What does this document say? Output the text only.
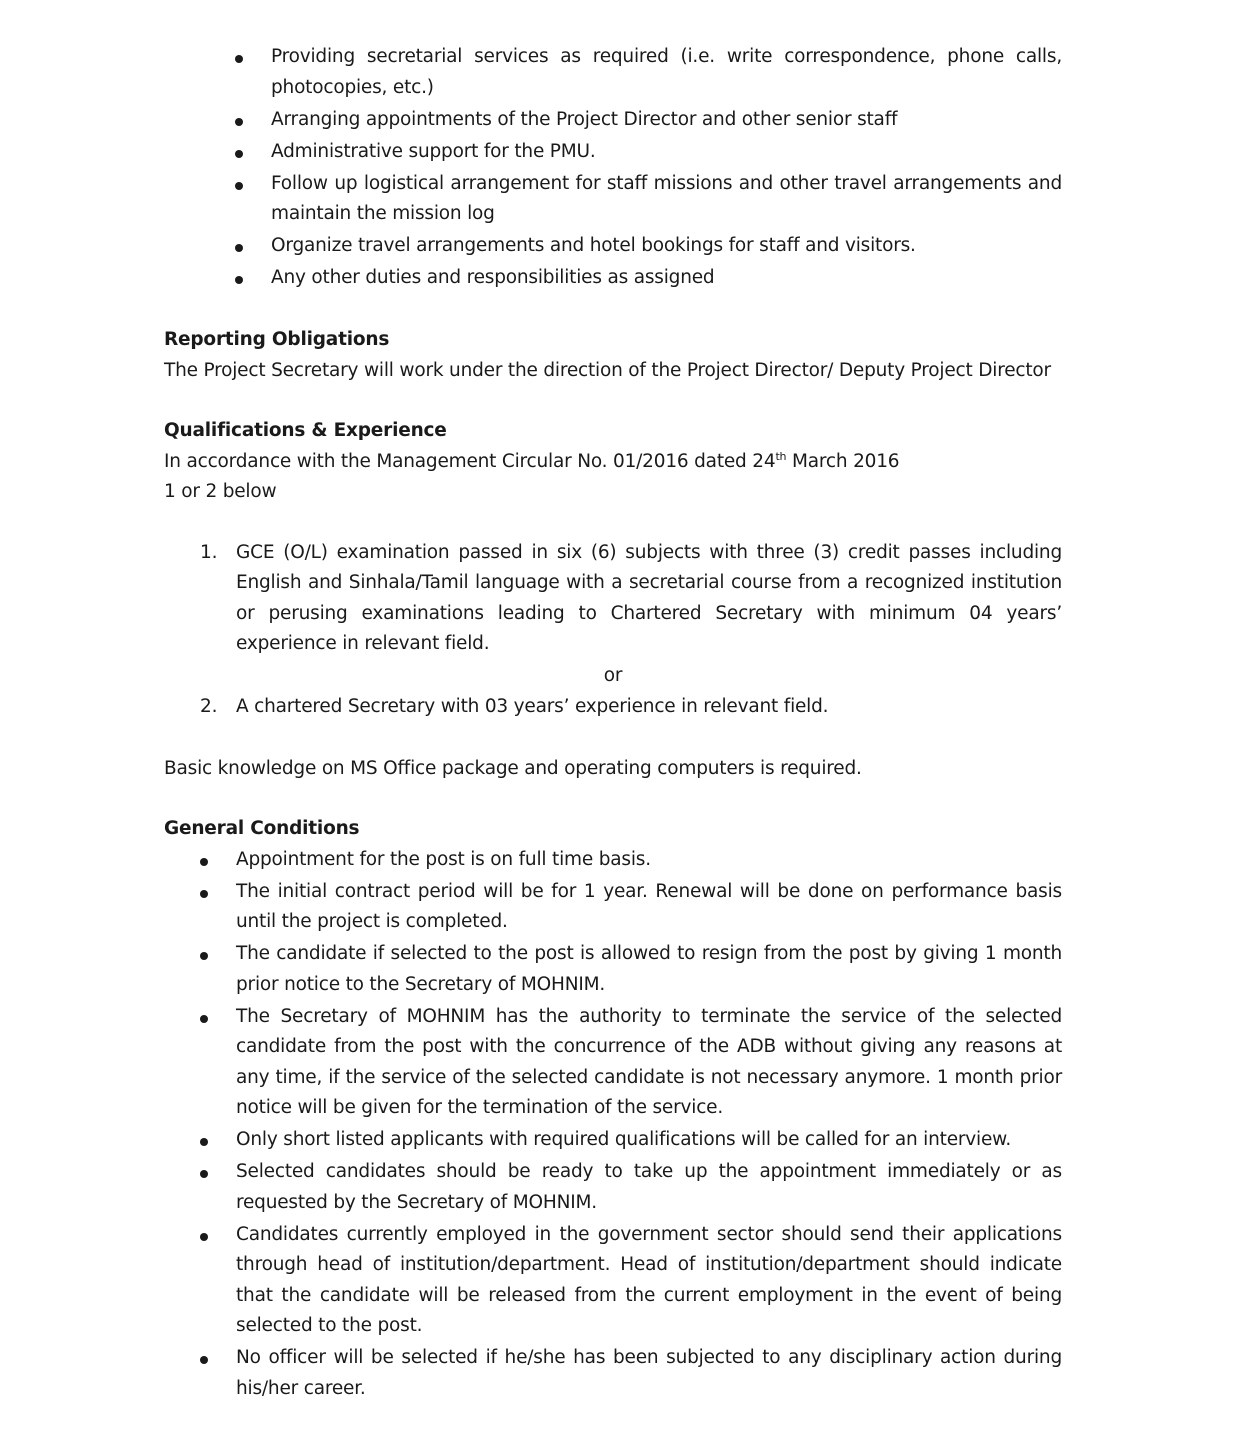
Providing secretarial services as required (i.e. write correspondence, phone calls, photocopies, etc.)
Arranging appointments of the Project Director and other senior staff
Administrative support for the PMU.
Follow up logistical arrangement for staff missions and other travel arrangements and maintain the mission log
Organize travel arrangements and hotel bookings for staff and visitors.
Any other duties and responsibilities as assigned

Reporting Obligations

The Project Secretary will work under the direction of the Project Director/ Deputy Project Director

Qualifications & Experience

In accordance with the Management Circular No. 01/2016 dated 24th March 2016

1 or 2 below

1. GCE (O/L) examination passed in six (6) subjects with three (3) credit passes including English and Sinhala/Tamil language with a secretarial course from a recognized institution or perusing examinations leading to Chartered Secretary with minimum 04 years’ experience in relevant field.

or

2. A chartered Secretary with 03 years’ experience in relevant field.

Basic knowledge on MS Office package and operating computers is required.

General Conditions

Appointment for the post is on full time basis.
The initial contract period will be for 1 year. Renewal will be done on performance basis until the project is completed.
The candidate if selected to the post is allowed to resign from the post by giving 1 month prior notice to the Secretary of MOHNIM.
The Secretary of MOHNIM has the authority to terminate the service of the selected candidate from the post with the concurrence of the ADB without giving any reasons at any time, if the service of the selected candidate is not necessary anymore. 1 month prior notice will be given for the termination of the service.
Only short listed applicants with required qualifications will be called for an interview.
Selected candidates should be ready to take up the appointment immediately or as requested by the Secretary of MOHNIM.
Candidates currently employed in the government sector should send their applications through head of institution/department. Head of institution/department should indicate that the candidate will be released from the current employment in the event of being selected to the post.
No officer will be selected if he/she has been subjected to any disciplinary action during his/her career.
